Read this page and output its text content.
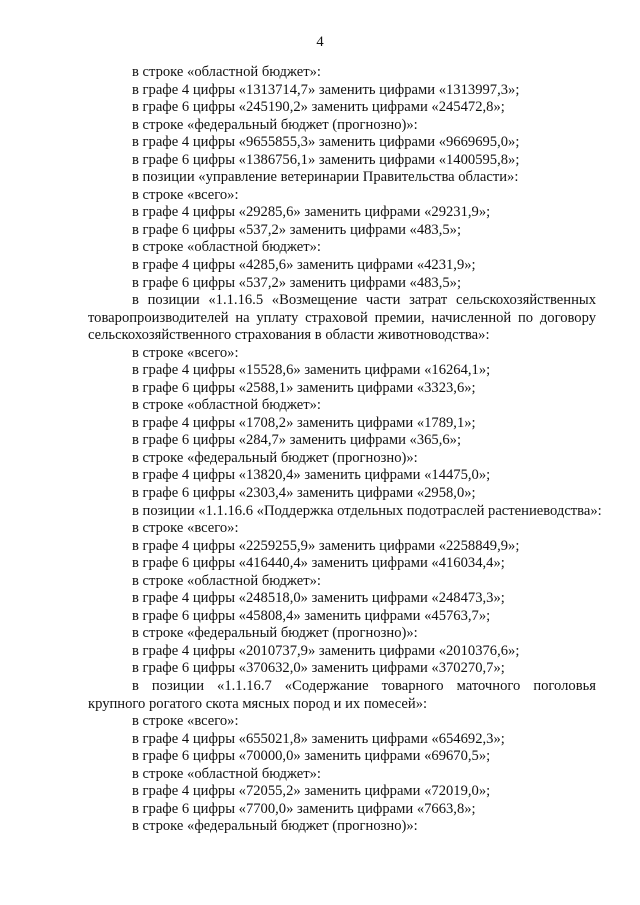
4
в строке «областной бюджет»:
в графе 4 цифры «1313714,7» заменить цифрами «1313997,3»;
в графе 6 цифры «245190,2» заменить цифрами «245472,8»;
в строке «федеральный бюджет (прогнозно)»:
в графе 4 цифры «9655855,3» заменить цифрами «9669695,0»;
в графе 6 цифры «1386756,1» заменить цифрами «1400595,8»;
в позиции «управление ветеринарии Правительства области»:
в строке «всего»:
в графе 4 цифры «29285,6» заменить цифрами «29231,9»;
в графе 6 цифры «537,2» заменить цифрами «483,5»;
в строке «областной бюджет»:
в графе 4 цифры «4285,6» заменить цифрами «4231,9»;
в графе 6 цифры «537,2» заменить цифрами «483,5»;
в позиции «1.1.16.5 «Возмещение части затрат сельскохозяйственных товаропроизводителей на уплату страховой премии, начисленной по договору сельскохозяйственного страхования в области животноводства»:
в строке «всего»:
в графе 4 цифры «15528,6» заменить цифрами «16264,1»;
в графе 6 цифры «2588,1» заменить цифрами «3323,6»;
в строке «областной бюджет»:
в графе 4 цифры «1708,2» заменить цифрами «1789,1»;
в графе 6 цифры «284,7» заменить цифрами «365,6»;
в строке «федеральный бюджет (прогнозно)»:
в графе 4 цифры «13820,4» заменить цифрами «14475,0»;
в графе 6 цифры «2303,4» заменить цифрами «2958,0»;
в позиции «1.1.16.6 «Поддержка отдельных подотраслей растениеводства»:
в строке «всего»:
в графе 4 цифры «2259255,9» заменить цифрами «2258849,9»;
в графе 6 цифры «416440,4» заменить цифрами «416034,4»;
в строке «областной бюджет»:
в графе 4 цифры «248518,0» заменить цифрами «248473,3»;
в графе 6 цифры «45808,4» заменить цифрами «45763,7»;
в строке «федеральный бюджет (прогнозно)»:
в графе 4 цифры «2010737,9» заменить цифрами «2010376,6»;
в графе 6 цифры «370632,0» заменить цифрами «370270,7»;
в позиции «1.1.16.7 «Содержание товарного маточного поголовья крупного рогатого скота мясных пород и их помесей»:
в строке «всего»:
в графе 4 цифры «655021,8» заменить цифрами «654692,3»;
в графе 6 цифры «70000,0» заменить цифрами «69670,5»;
в строке «областной бюджет»:
в графе 4 цифры «72055,2» заменить цифрами «72019,0»;
в графе 6 цифры «7700,0» заменить цифрами «7663,8»;
в строке «федеральный бюджет (прогнозно)»:
